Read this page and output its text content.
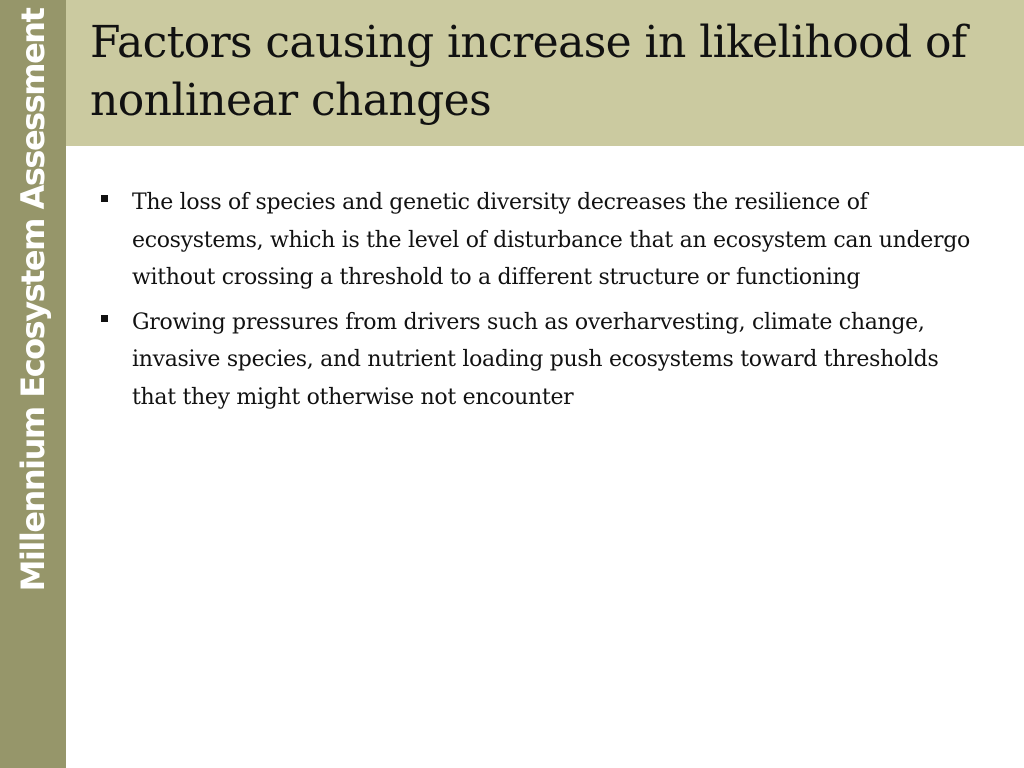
Millennium Ecosystem Assessment Factors causing increase in likelihood of nonlinear changes
The loss of species and genetic diversity decreases the resilience of ecosystems, which is the level of disturbance that an ecosystem can undergo without crossing a threshold to a different structure or functioning
Growing pressures from drivers such as overharvesting, climate change, invasive species, and nutrient loading push ecosystems toward thresholds that they might otherwise not encounter
